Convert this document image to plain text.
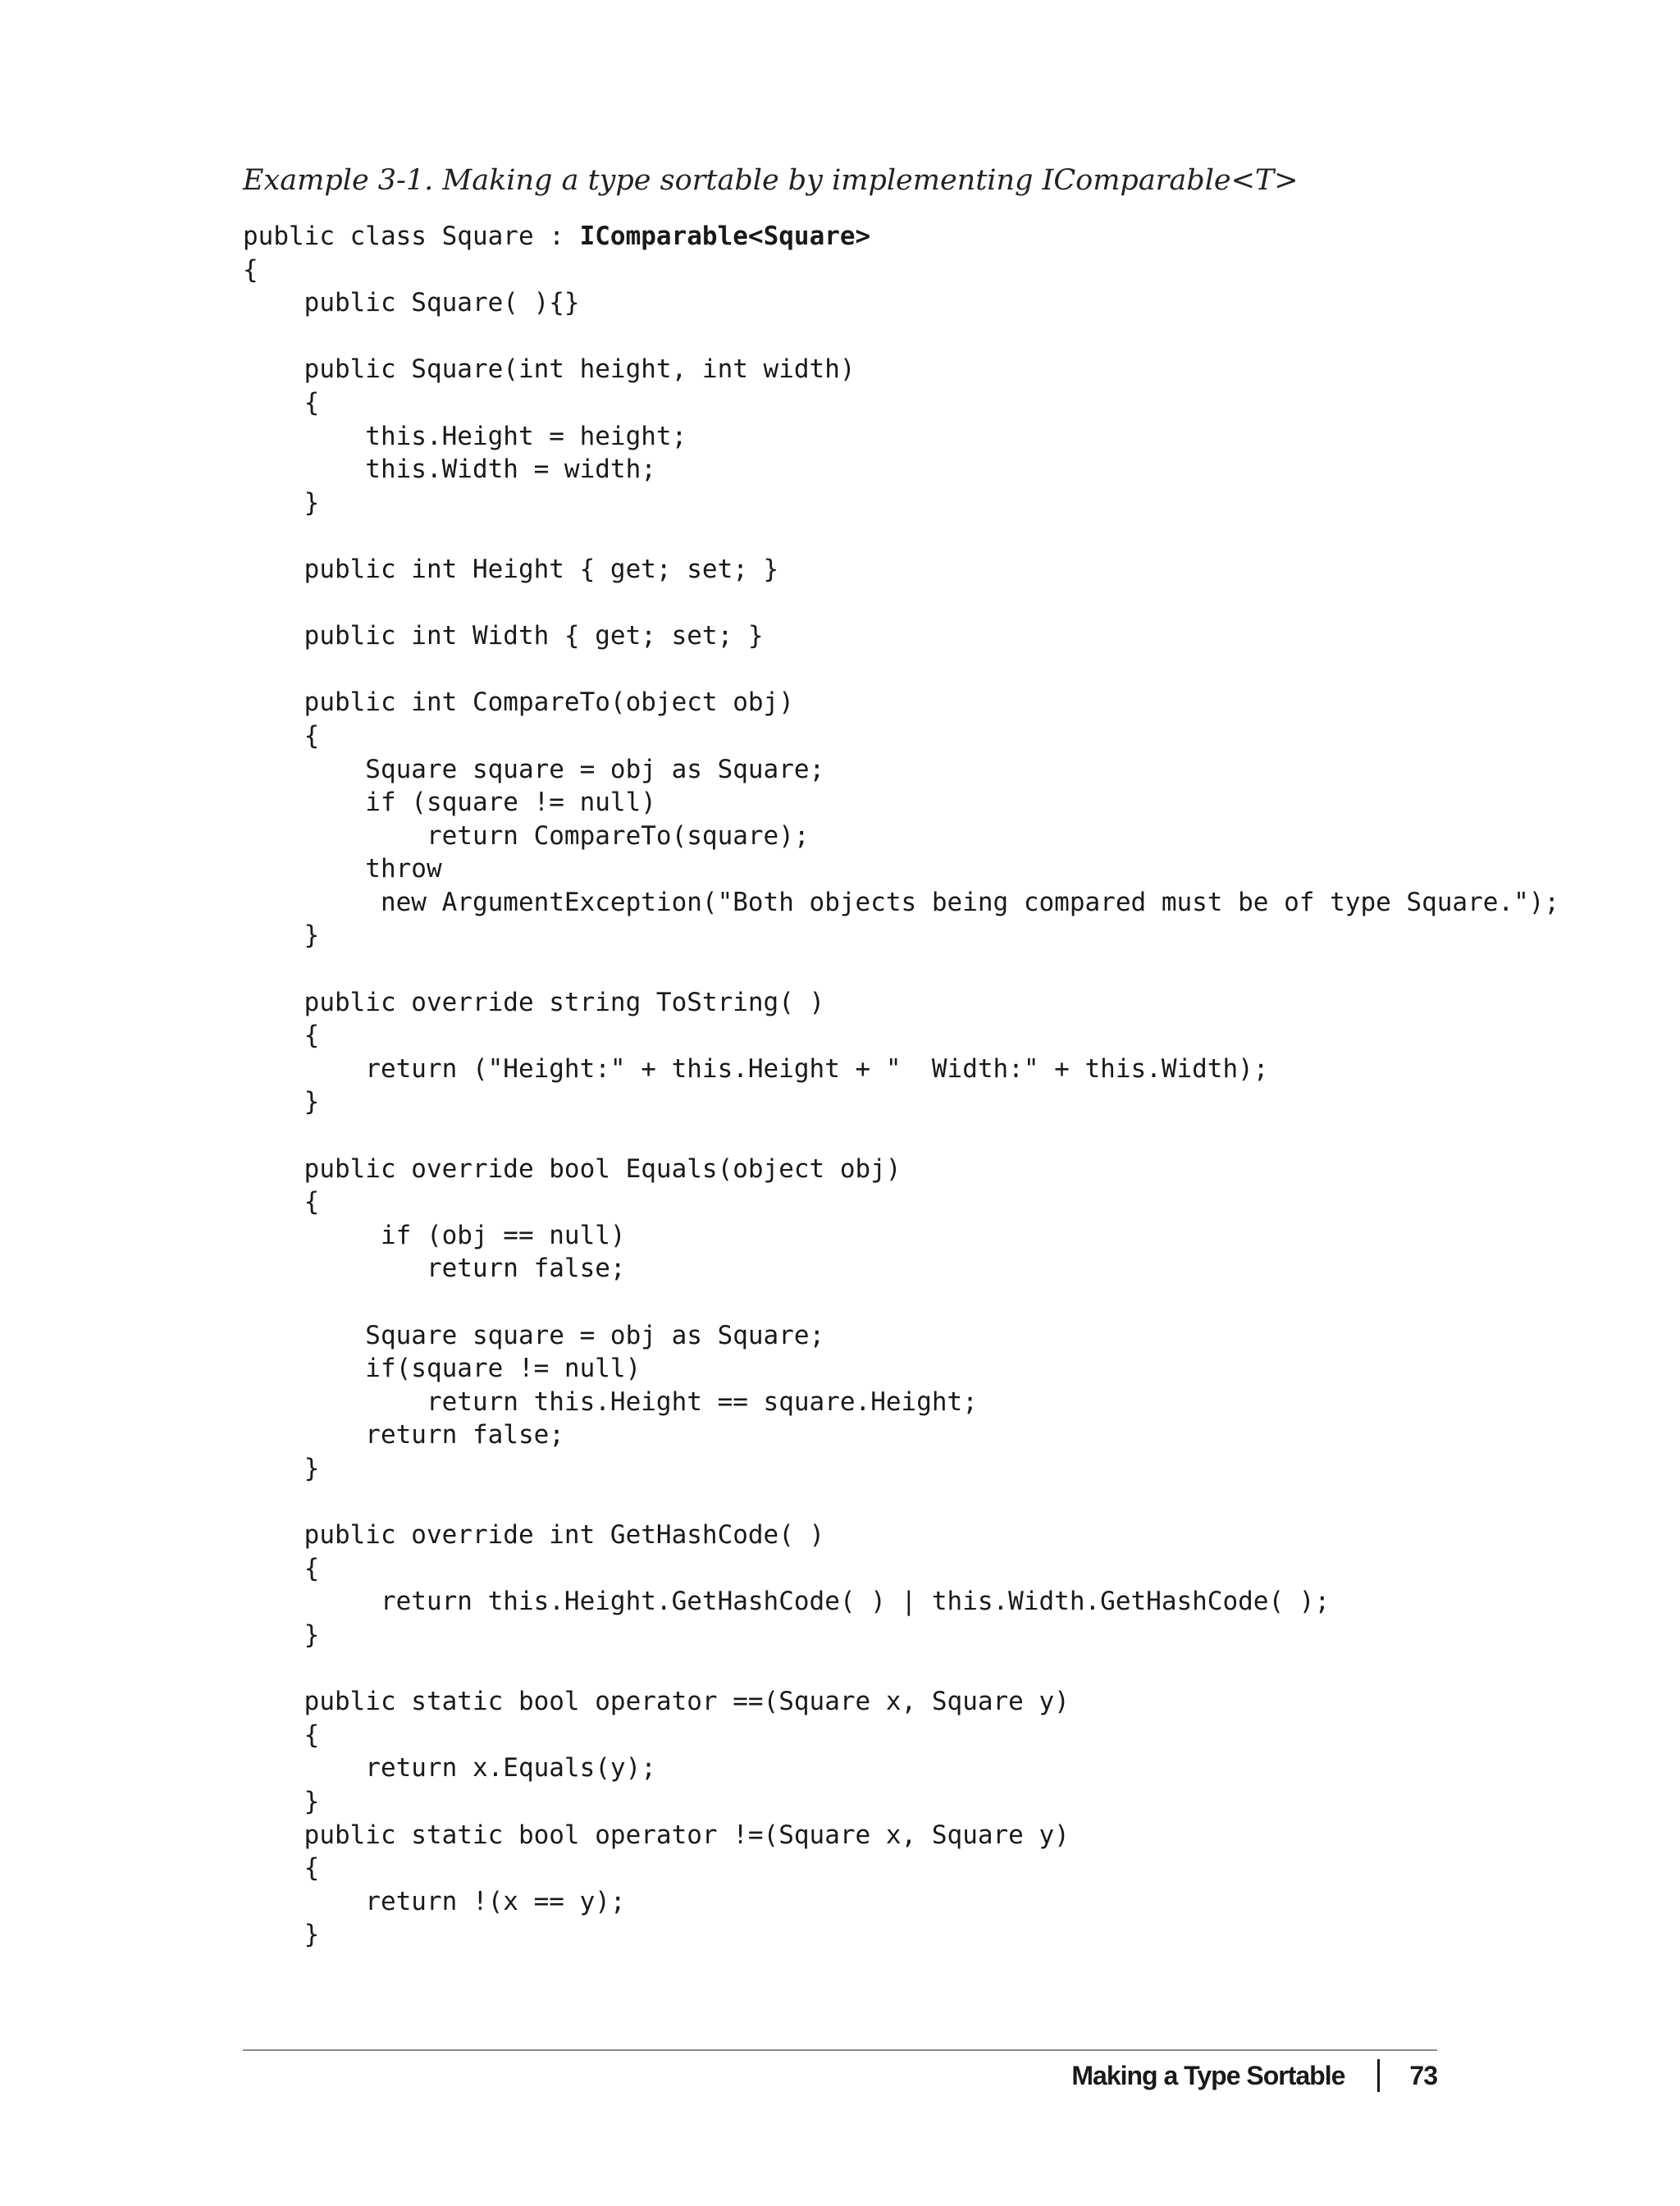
Example 3-1. Making a type sortable by implementing IComparable<T>
public class Square : IComparable<Square>
{
public Square( ){}
public Square(int height, int width)
{
this.Height = height;
this.Width = width;
}
public int Height { get; set; }
public int Width { get; set; }
public int CompareTo(object obj)
{
Square square = obj as Square;
if (square != null)
return CompareTo(square);
throw
new ArgumentException("Both objects being compared must be of type Square.");
}
public override string ToString( )
{
return ("Height:" + this.Height + "  Width:" + this.Width);
}
public override bool Equals(object obj)
{
if (obj == null)
return false;
Square square = obj as Square;
if(square != null)
return this.Height == square.Height;
return false;
}
public override int GetHashCode( )
{
return this.Height.GetHashCode( ) | this.Width.GetHashCode( );
}
public static bool operator ==(Square x, Square y)
{
return x.Equals(y);
}
public static bool operator !=(Square x, Square y)
{
return !(x == y);
}
Making a Type Sortable 73
